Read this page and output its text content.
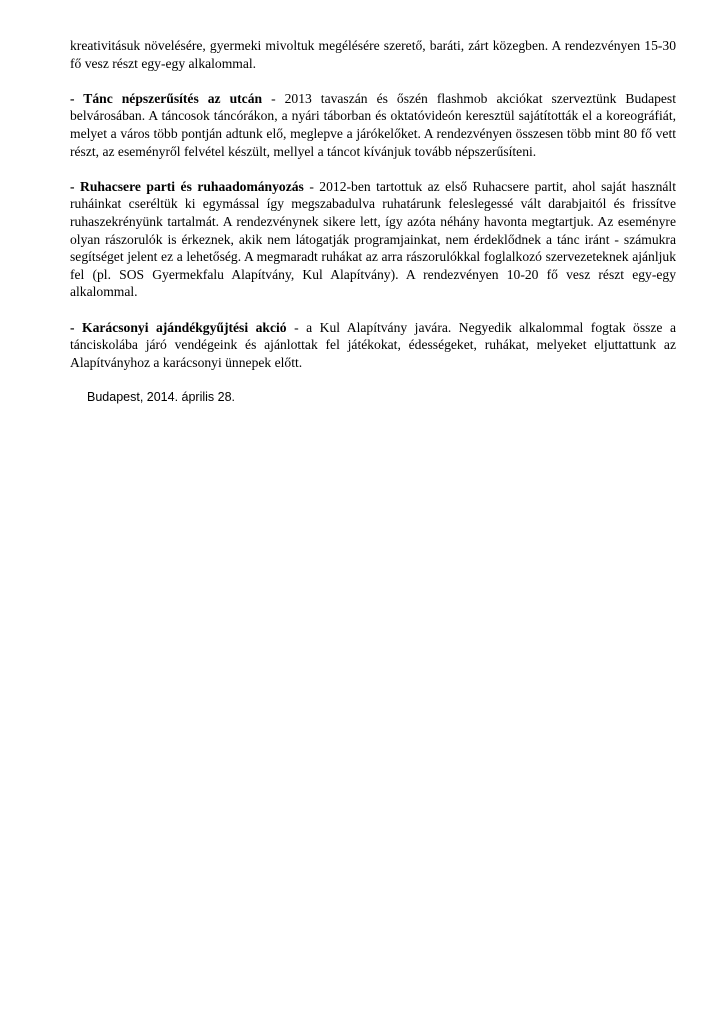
kreativitásuk növelésére, gyermeki mivoltuk megélésére szerető, baráti, zárt közegben. A rendezvényen 15-30 fő vesz részt egy-egy alkalommal.

- Tánc népszerűsítés az utcán - 2013 tavaszán és őszén flashmob akciókat szerveztünk Budapest belvárosában. A táncosok táncórákon, a nyári táborban és oktatóvideón keresztül sajátították el a koreográfiát, melyet a város több pontján adtunk elő, meglepve a járókelőket. A rendezvényen összesen több mint 80 fő vett részt, az eseményről felvétel készült, mellyel a táncot kívánjuk tovább népszerűsíteni.

- Ruhacsere parti és ruhaadományozás - 2012-ben tartottuk az első Ruhacsere partit, ahol saját használt ruháinkat cseréltük ki egymással így megszabadulva ruhatárunk feleslegessé vált darabjaitól és frissítve ruhaszekrényünk tartalmát. A rendezvénynek sikere lett, így azóta néhány havonta megtartjuk. Az eseményre olyan rászorulók is érkeznek, akik nem látogatják programjainkat, nem érdeklődnek a tánc iránt - számukra segítséget jelent ez a lehetőség. A megmaradt ruhákat az arra rászorulókkal foglalkozó szervezeteknek ajánljuk fel (pl. SOS Gyermekfalu Alapítvány, Kul Alapítvány). A rendezvényen 10-20 fő vesz részt egy-egy alkalommal.

- Karácsonyi ajándékgyűjtési akció - a Kul Alapítvány javára. Negyedik alkalommal fogtak össze a tánciskolába járó vendégeink és ajánlottak fel játékokat, édességeket, ruhákat, melyeket eljuttattunk az Alapítványhoz a karácsonyi ünnepek előtt.

Budapest, 2014. április 28.
